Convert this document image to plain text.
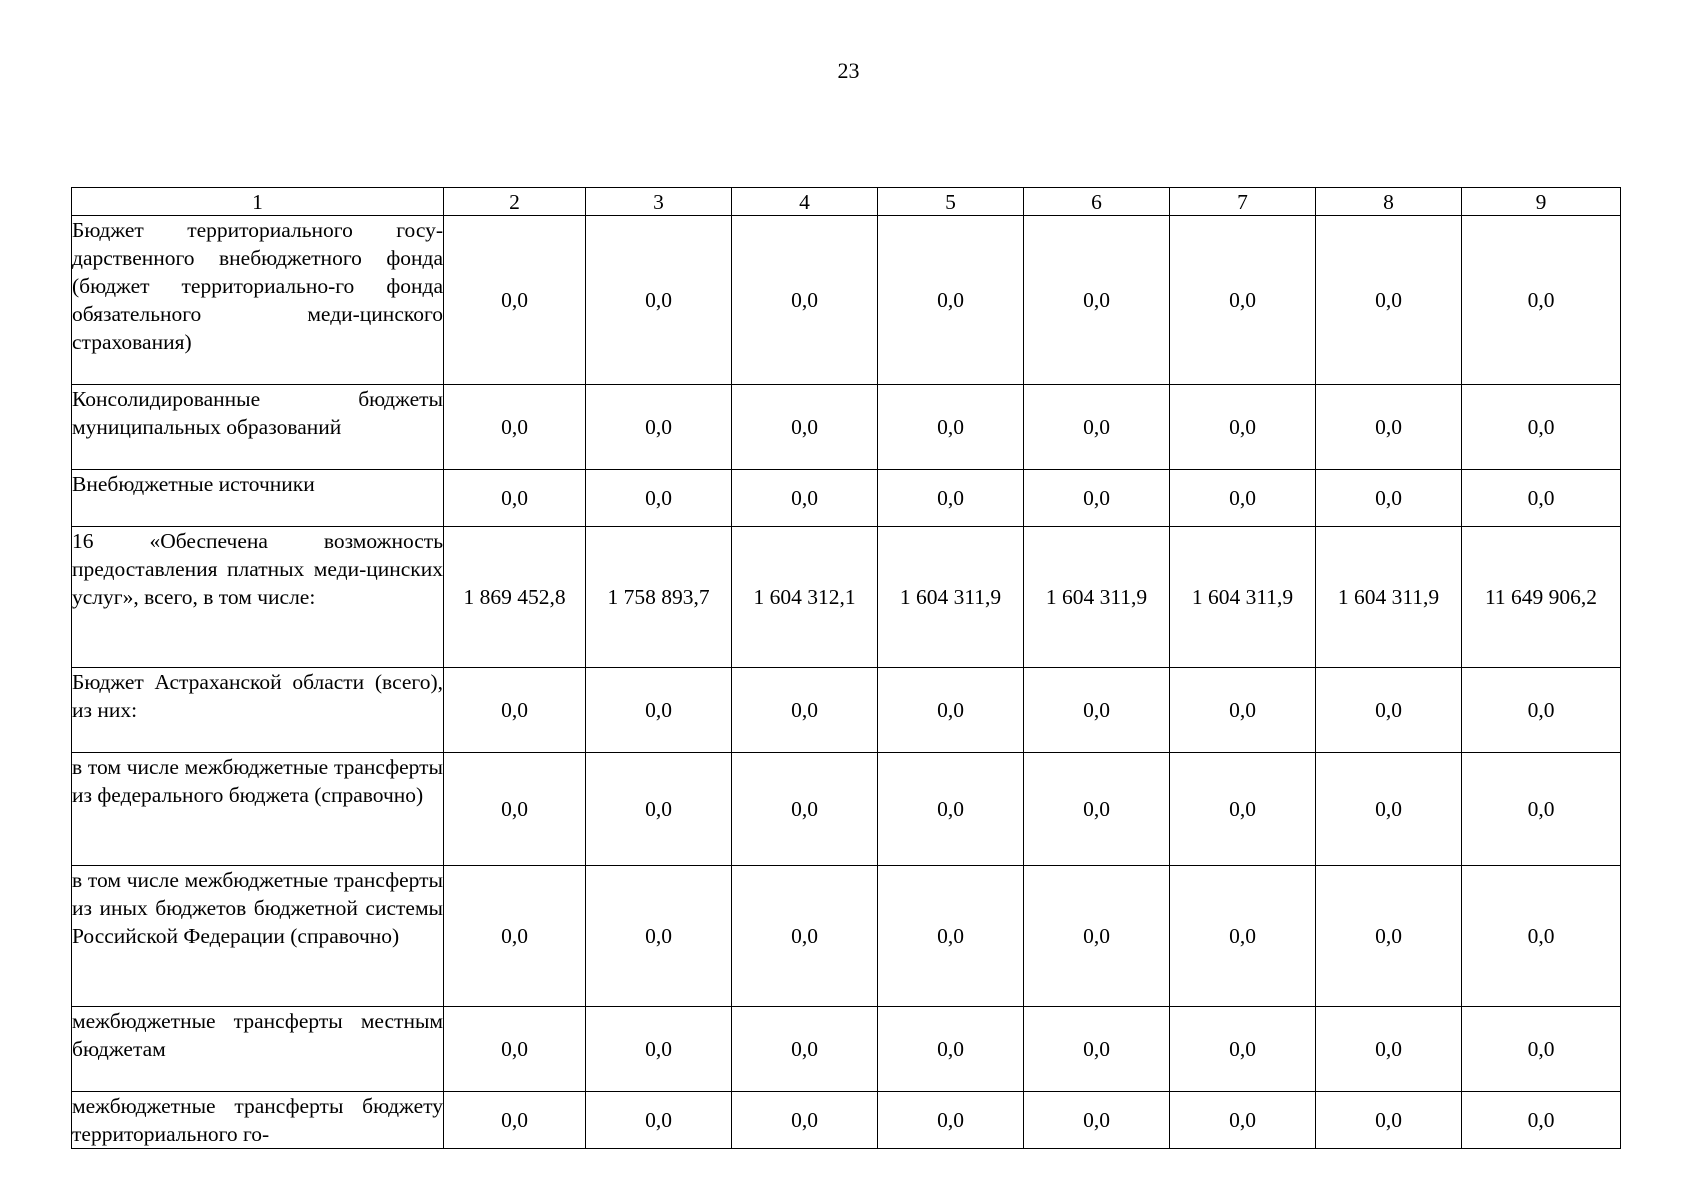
23
1	2	3	4	5	6	7	8	9
Бюджет территориального госу-дарственного внебюджетного фонда (бюджет территориально-го фонда обязательного меди-цинского страхования)	0,0	0,0	0,0	0,0	0,0	0,0	0,0	0,0
Консолидированные бюджеты муниципальных образований	0,0	0,0	0,0	0,0	0,0	0,0	0,0	0,0
Внебюджетные источники	0,0	0,0	0,0	0,0	0,0	0,0	0,0	0,0
16 «Обеспечена возможность предоставления платных меди-цинских услуг», всего, в том числе:	1 869 452,8	1 758 893,7	1 604 312,1	1 604 311,9	1 604 311,9	1 604 311,9	1 604 311,9	11 649 906,2
Бюджет Астраханской области (всего), из них:	0,0	0,0	0,0	0,0	0,0	0,0	0,0	0,0
в том числе межбюджетные трансферты из федерального бюджета (справочно)	0,0	0,0	0,0	0,0	0,0	0,0	0,0	0,0
в том числе межбюджетные трансферты из иных бюджетов бюджетной системы Российской Федерации (справочно)	0,0	0,0	0,0	0,0	0,0	0,0	0,0	0,0
межбюджетные трансферты местным бюджетам	0,0	0,0	0,0	0,0	0,0	0,0	0,0	0,0
межбюджетные трансферты бюджету территориального го-	0,0	0,0	0,0	0,0	0,0	0,0	0,0	0,0
